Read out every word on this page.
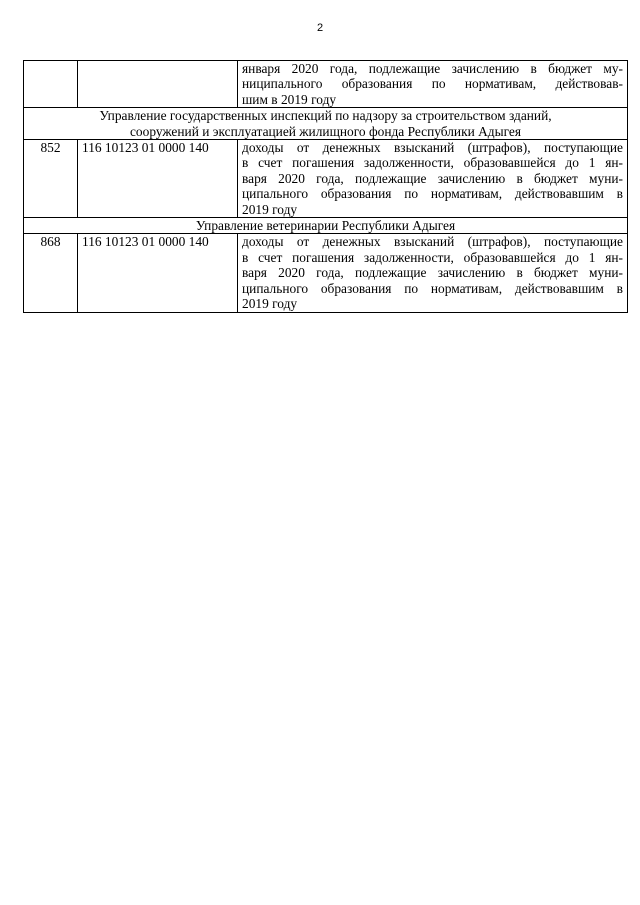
2

		января 2020 года, подлежащие зачислению в бюджет му-
ниципального образования по нормативам, действовав-
шим в 2019 году

Управление государственных инспекций по надзору за строительством зданий,
сооружений и эксплуатацией жилищного фонда Республики Адыгея		

852	116 10123 01 0000 140	доходы от денежных взысканий (штрафов), поступающие
в счет погашения задолженности, образовавшейся до 1 ян-
варя 2020 года, подлежащие зачислению в бюджет муни-
ципального образования по нормативам, действовавшим в
2019 году

Управление ветеринарии Республики Адыгея		

868	116 10123 01 0000 140	доходы от денежных взысканий (штрафов), поступающие
в счет погашения задолженности, образовавшейся до 1 ян-
варя 2020 года, подлежащие зачислению в бюджет муни-
ципального образования по нормативам, действовавшим в
2019 году
